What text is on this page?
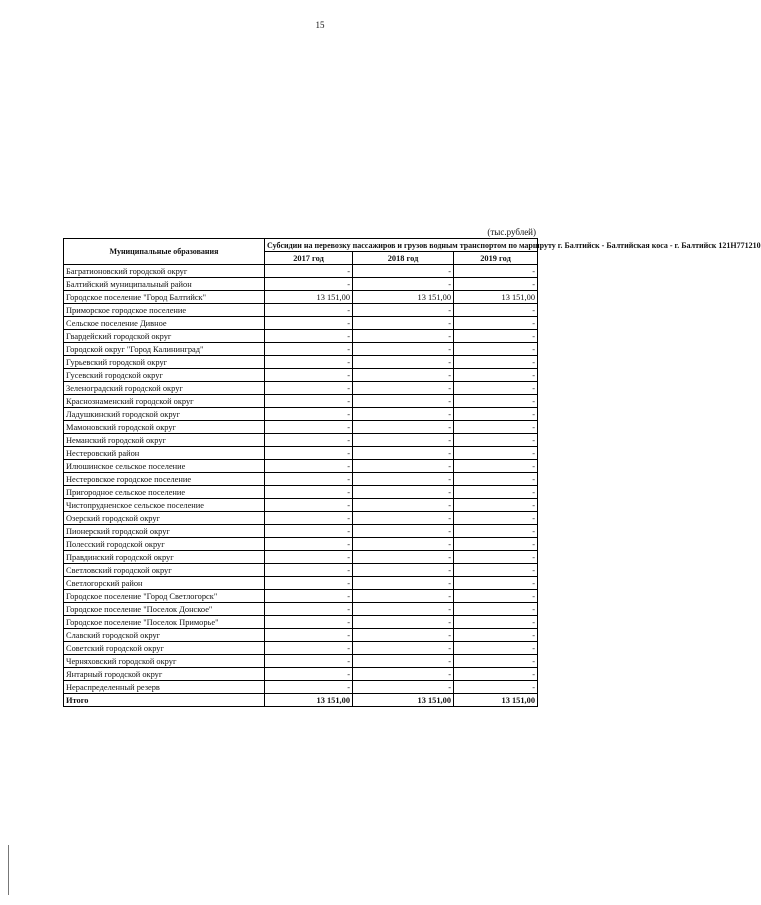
15
(тыс.рублей)
Муниципальные образования	Субсидии на перевозку пассажиров и грузов водным транспортом по маршруту г. Балтийск - Балтийская коса - г. Балтийск 121Н771210		
	2017 год	2018 год	2019 год
Багратионовский городской округ	-	-	-
Балтийский муниципальный район	-	-	-
Городское поселение "Город Балтийск"	13 151,00	13 151,00	13 151,00
Приморское городское поселение	-	-	-
Сельское поселение Дивное	-	-	-
Гвардейский городской округ	-	-	-
Городской округ "Город Калининград"	-	-	-
Гурьевский городской округ	-	-	-
Гусевский городской округ	-	-	-
Зеленоградский городской округ	-	-	-
Краснознаменский городской округ	-	-	-
Ладушкинский городской округ	-	-	-
Мамоновский городской округ	-	-	-
Неманский городской округ	-	-	-
Нестеровский район	-	-	-
Илюшинское сельское поселение	-	-	-
Нестеровское городское поселение	-	-	-
Пригородное сельское поселение	-	-	-
Чистопрудненское сельское поселение	-	-	-
Озерский городской округ	-	-	-
Пионерский городской округ	-	-	-
Полесский городской округ	-	-	-
Правдинский городской округ	-	-	-
Светловский городской округ	-	-	-
Светлогорский район	-	-	-
Городское поселение "Город Светлогорск"	-	-	-
Городское поселение "Поселок Донское"	-	-	-
Городское поселение "Поселок Приморье"	-	-	-
Славский городской округ	-	-	-
Советский городской округ	-	-	-
Черняховский городской округ	-	-	-
Янтарный городской округ	-	-	-
Нераспределенный резерв	-	-	-
Итого	13 151,00	13 151,00	13 151,00
